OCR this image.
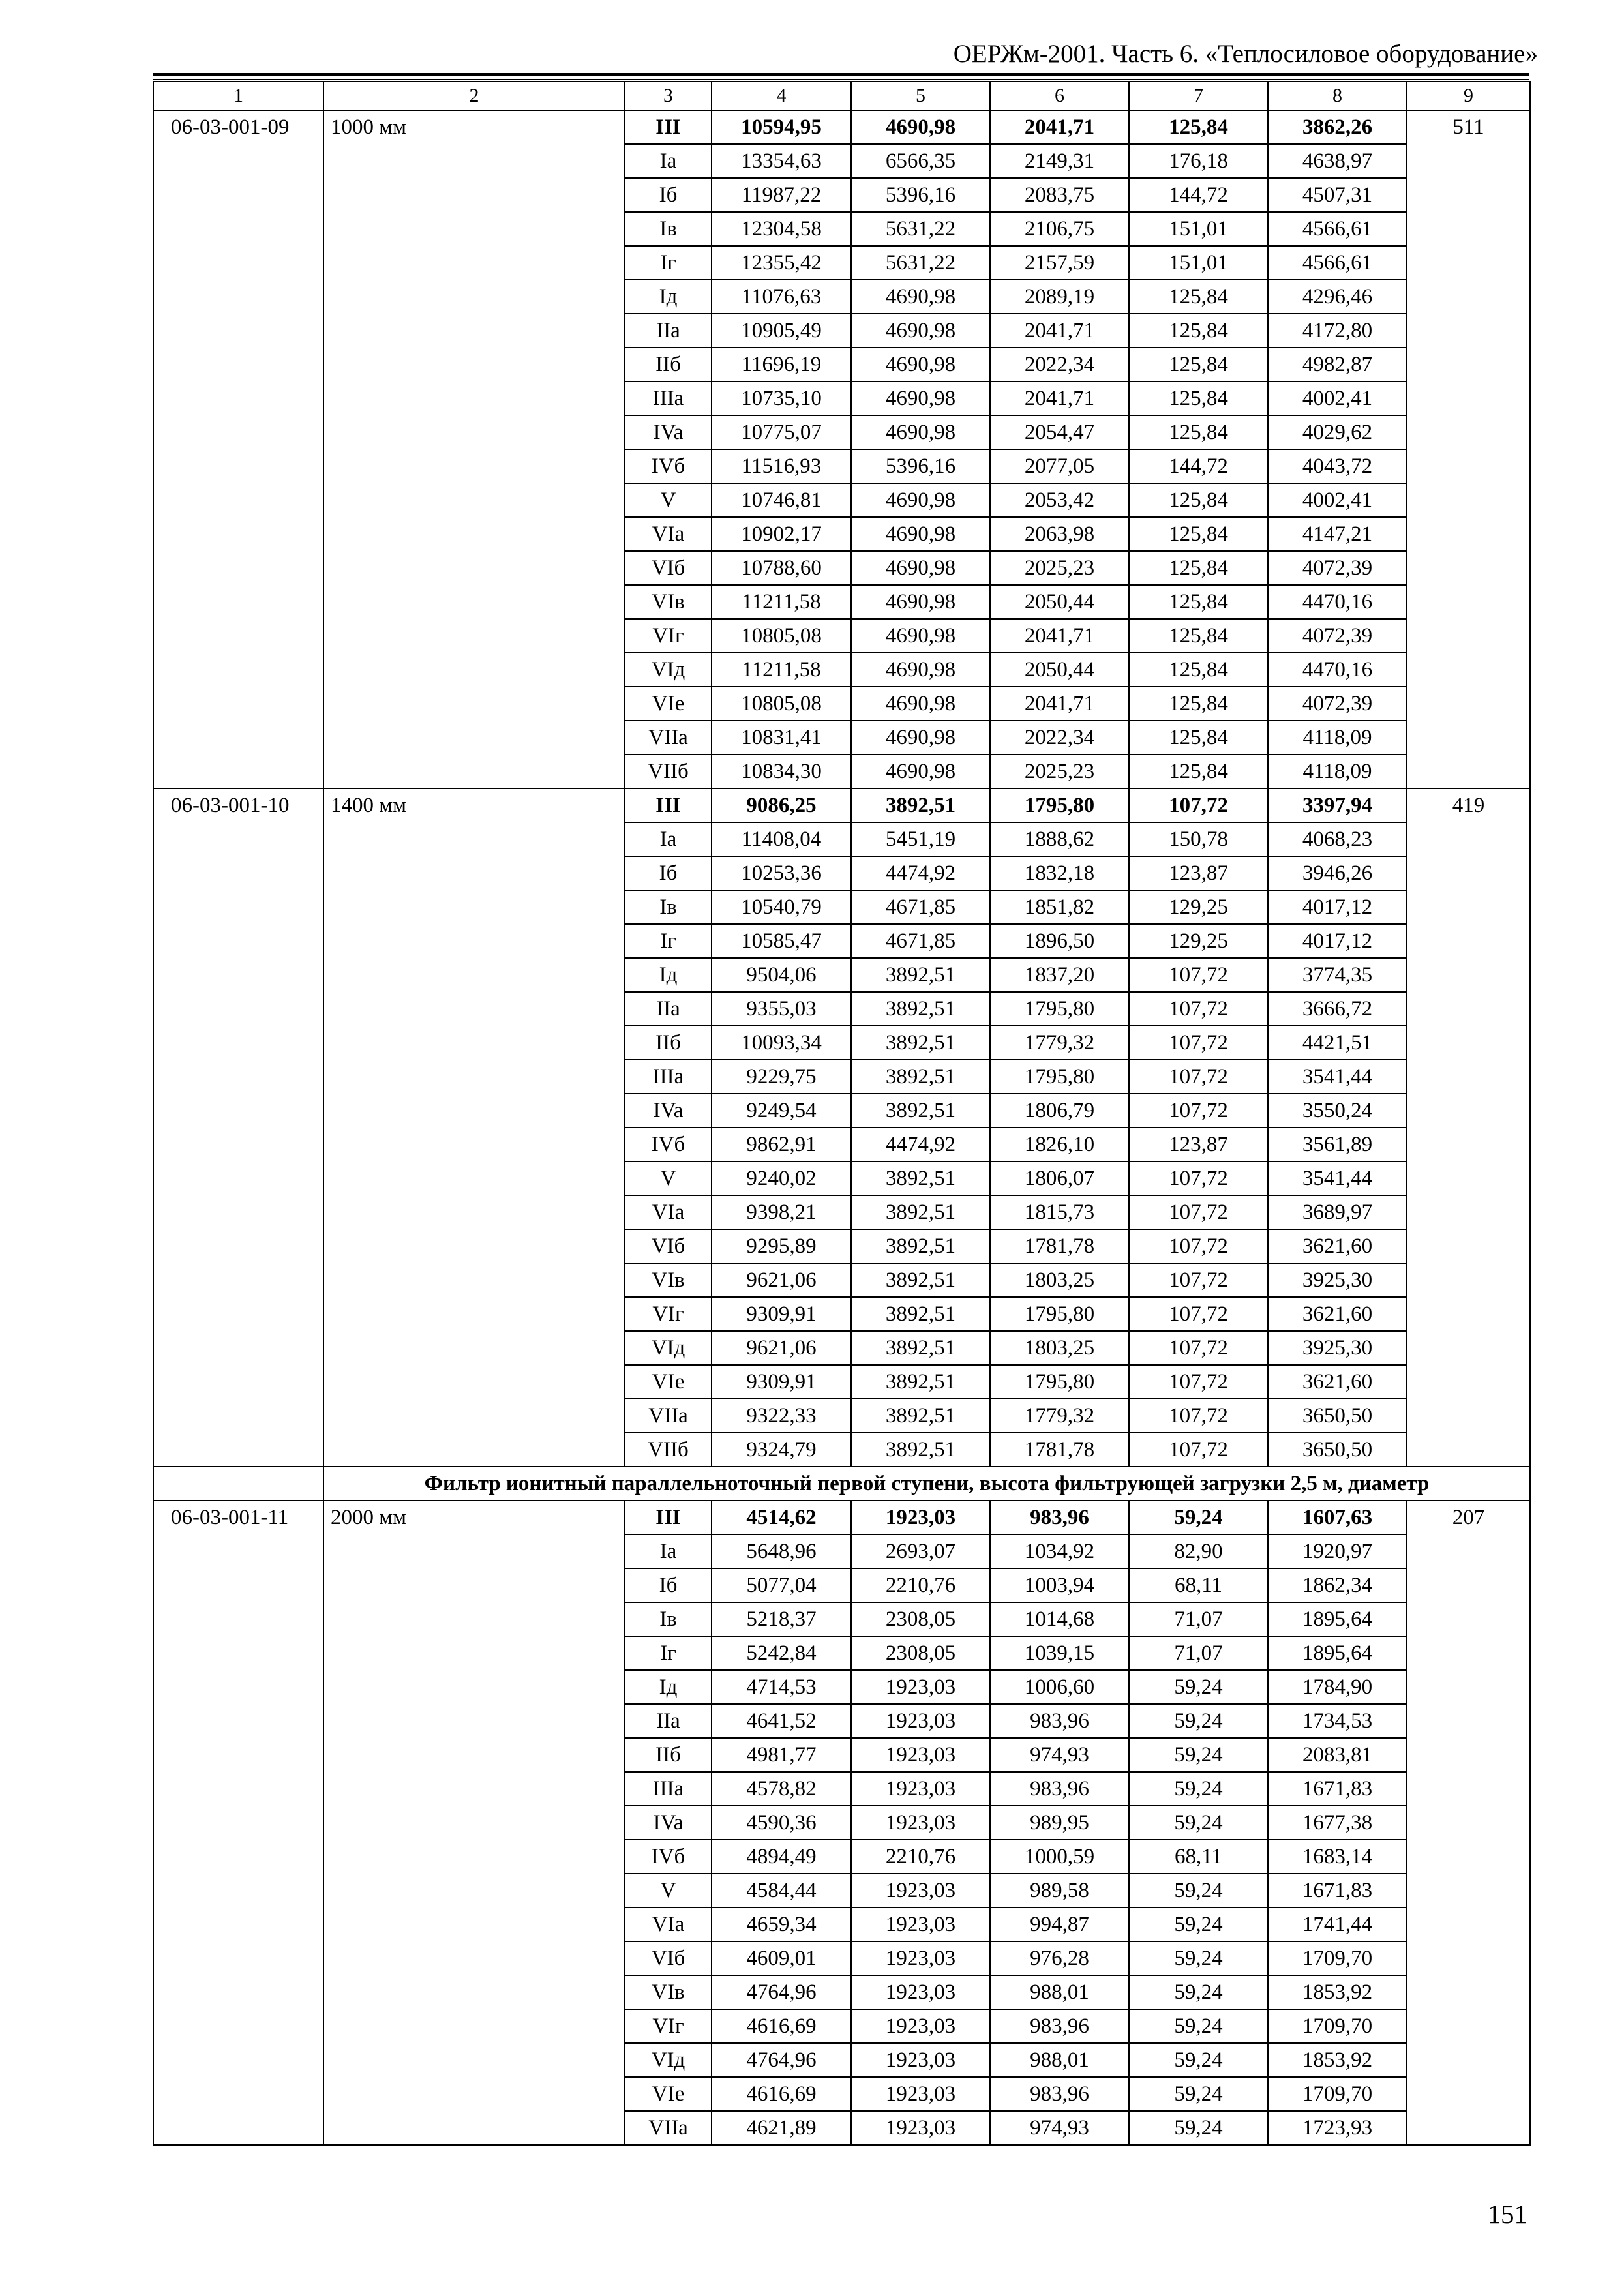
ОЕРЖм-2001. Часть 6. «Теплосиловое оборудование»
1	2	3	4	5	6	7	8	9
06-03-001-09	1000 мм	III	10594,95	4690,98	2041,71	125,84	3862,26	511
		Ia	13354,63	6566,35	2149,31	176,18	4638,97	
		Iб	11987,22	5396,16	2083,75	144,72	4507,31	
		Iв	12304,58	5631,22	2106,75	151,01	4566,61	
		Iг	12355,42	5631,22	2157,59	151,01	4566,61	
		Iд	11076,63	4690,98	2089,19	125,84	4296,46	
		IIa	10905,49	4690,98	2041,71	125,84	4172,80	
		IIб	11696,19	4690,98	2022,34	125,84	4982,87	
		IIIa	10735,10	4690,98	2041,71	125,84	4002,41	
		IVa	10775,07	4690,98	2054,47	125,84	4029,62	
		IVб	11516,93	5396,16	2077,05	144,72	4043,72	
		V	10746,81	4690,98	2053,42	125,84	4002,41	
		VIa	10902,17	4690,98	2063,98	125,84	4147,21	
		VIб	10788,60	4690,98	2025,23	125,84	4072,39	
		VIв	11211,58	4690,98	2050,44	125,84	4470,16	
		VIг	10805,08	4690,98	2041,71	125,84	4072,39	
		VIд	11211,58	4690,98	2050,44	125,84	4470,16	
		VIe	10805,08	4690,98	2041,71	125,84	4072,39	
		VIIa	10831,41	4690,98	2022,34	125,84	4118,09	
		VIIб	10834,30	4690,98	2025,23	125,84	4118,09	
06-03-001-10	1400 мм	III	9086,25	3892,51	1795,80	107,72	3397,94	419
		Ia	11408,04	5451,19	1888,62	150,78	4068,23	
		Iб	10253,36	4474,92	1832,18	123,87	3946,26	
		Iв	10540,79	4671,85	1851,82	129,25	4017,12	
		Iг	10585,47	4671,85	1896,50	129,25	4017,12	
		Iд	9504,06	3892,51	1837,20	107,72	3774,35	
		IIa	9355,03	3892,51	1795,80	107,72	3666,72	
		IIб	10093,34	3892,51	1779,32	107,72	4421,51	
		IIIa	9229,75	3892,51	1795,80	107,72	3541,44	
		IVa	9249,54	3892,51	1806,79	107,72	3550,24	
		IVб	9862,91	4474,92	1826,10	123,87	3561,89	
		V	9240,02	3892,51	1806,07	107,72	3541,44	
		VIa	9398,21	3892,51	1815,73	107,72	3689,97	
		VIб	9295,89	3892,51	1781,78	107,72	3621,60	
		VIв	9621,06	3892,51	1803,25	107,72	3925,30	
		VIг	9309,91	3892,51	1795,80	107,72	3621,60	
		VIд	9621,06	3892,51	1803,25	107,72	3925,30	
		VIe	9309,91	3892,51	1795,80	107,72	3621,60	
		VIIa	9322,33	3892,51	1779,32	107,72	3650,50	
		VIIб	9324,79	3892,51	1781,78	107,72	3650,50	
	Фильтр ионитный параллельноточный первой ступени, высота фильтрующей загрузки 2,5 м, диаметр							
06-03-001-11	2000 мм	III	4514,62	1923,03	983,96	59,24	1607,63	207
		Ia	5648,96	2693,07	1034,92	82,90	1920,97	
		Iб	5077,04	2210,76	1003,94	68,11	1862,34	
		Iв	5218,37	2308,05	1014,68	71,07	1895,64	
		Iг	5242,84	2308,05	1039,15	71,07	1895,64	
		Iд	4714,53	1923,03	1006,60	59,24	1784,90	
		IIa	4641,52	1923,03	983,96	59,24	1734,53	
		IIб	4981,77	1923,03	974,93	59,24	2083,81	
		IIIa	4578,82	1923,03	983,96	59,24	1671,83	
		IVa	4590,36	1923,03	989,95	59,24	1677,38	
		IVб	4894,49	2210,76	1000,59	68,11	1683,14	
		V	4584,44	1923,03	989,58	59,24	1671,83	
		VIa	4659,34	1923,03	994,87	59,24	1741,44	
		VIб	4609,01	1923,03	976,28	59,24	1709,70	
		VIв	4764,96	1923,03	988,01	59,24	1853,92	
		VIг	4616,69	1923,03	983,96	59,24	1709,70	
		VIд	4764,96	1923,03	988,01	59,24	1853,92	
		VIe	4616,69	1923,03	983,96	59,24	1709,70	
		VIIa	4621,89	1923,03	974,93	59,24	1723,93	
151
